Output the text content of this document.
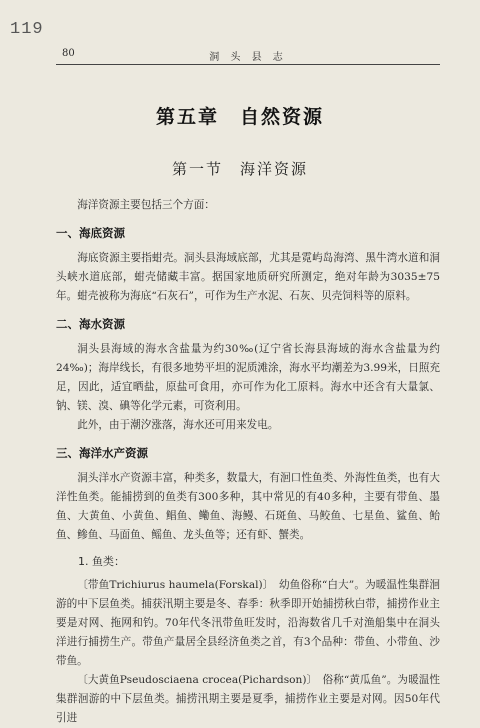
119
80	洞 头 县 志
第五章　自然资源
第一节　海洋资源

海洋资源主要包括三个方面：

一、海底资源

海底资源主要指蚶壳。洞头县海域底部，尤其是霓屿岛海湾、黑牛湾水道和洞头峡水道底部，蚶壳储藏丰富。据国家地质研究所测定，绝对年龄为3035±75年。蚶壳被称为海底“石灰石”，可作为生产水泥、石灰、贝壳饲料等的原料。

二、海水资源

洞头县海域的海水含盐量为约30‰(辽宁省长海县海域的海水含盐量为约24‰)；海岸线长，有很多地势平坦的泥质滩涂，海水平均潮差为3.99米，日照充足，因此，适宜晒盐，原盐可食用，亦可作为化工原料。海水中还含有大量氯、钠、镁、溴、碘等化学元素，可资利用。

此外，由于潮汐涨落，海水还可用来发电。

三、海洋水产资源

洞头洋水产资源丰富，种类多，数量大，有洄口性鱼类、外海性鱼类，也有大洋性鱼类。能捕捞到的鱼类有300多种，其中常见的有40多种，主要有带鱼、墨鱼、大黄鱼、小黄鱼、鲳鱼、鳓鱼、海鳗、石斑鱼、马鲛鱼、七星鱼、鲨鱼、鲐鱼、鲹鱼、马面鱼、鳐鱼、龙头鱼等；还有虾、蟹类。

1. 鱼类：

〔带鱼Trichiurus haumela(Forskal)〕　幼鱼俗称“白大”。为暖温性集群洄游的中下层鱼类。捕获汛期主要是冬、春季：秋季即开始捕捞秋白带，捕捞作业主要是对网、拖网和钓。70年代冬汛带鱼旺发时，沿海数省几千对渔船集中在洞头洋进行捕捞生产。带鱼产量居全县经济鱼类之首，有3个品种：带鱼、小带鱼、沙带鱼。

〔大黄鱼Pseudosciaena crocea(Pichardson)〕　俗称“黄瓜鱼”。为暖温性集群洄游的中下层鱼类。捕捞汛期主要是夏季，捕捞作业主要是对网。因50年代引进
